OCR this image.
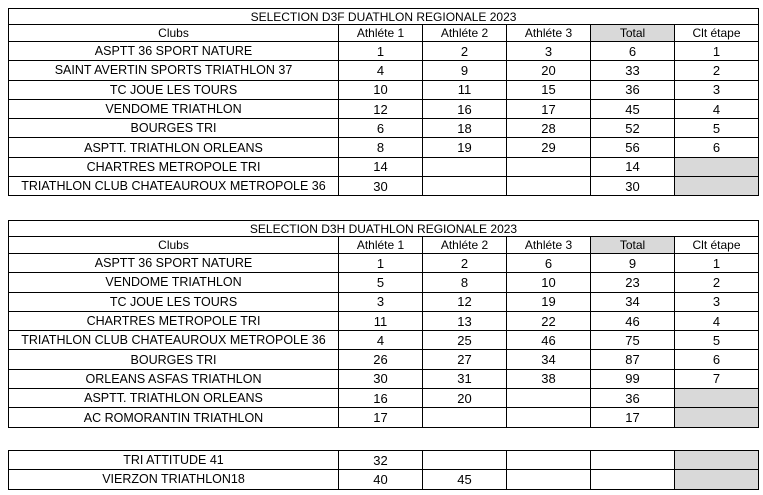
SELECTION D3F DUATHLON REGIONALE 2023					
Clubs	Athléte 1	Athléte 2	Athléte 3	Total	Clt étape
ASPTT 36 SPORT NATURE	1	2	3	6	1
SAINT AVERTIN SPORTS TRIATHLON 37	4	9	20	33	2
TC JOUE LES TOURS	10	11	15	36	3
VENDOME TRIATHLON	12	16	17	45	4
BOURGES TRI	6	18	28	52	5
ASPTT. TRIATHLON ORLEANS	8	19	29	56	6
CHARTRES METROPOLE TRI	14			14	
TRIATHLON CLUB CHATEAUROUX METROPOLE 36	30			30	
SELECTION D3H DUATHLON REGIONALE 2023					
Clubs	Athléte 1	Athléte 2	Athléte 3	Total	Clt étape
ASPTT 36 SPORT NATURE	1	2	6	9	1
VENDOME TRIATHLON	5	8	10	23	2
TC JOUE LES TOURS	3	12	19	34	3
CHARTRES METROPOLE TRI	11	13	22	46	4
TRIATHLON CLUB CHATEAUROUX METROPOLE 36	4	25	46	75	5
BOURGES TRI	26	27	34	87	6
ORLEANS ASFAS TRIATHLON	30	31	38	99	7
ASPTT. TRIATHLON ORLEANS	16	20		36	
AC ROMORANTIN TRIATHLON	17			17	
TRI ATTITUDE 41	32				
VIERZON TRIATHLON18	40	45			
